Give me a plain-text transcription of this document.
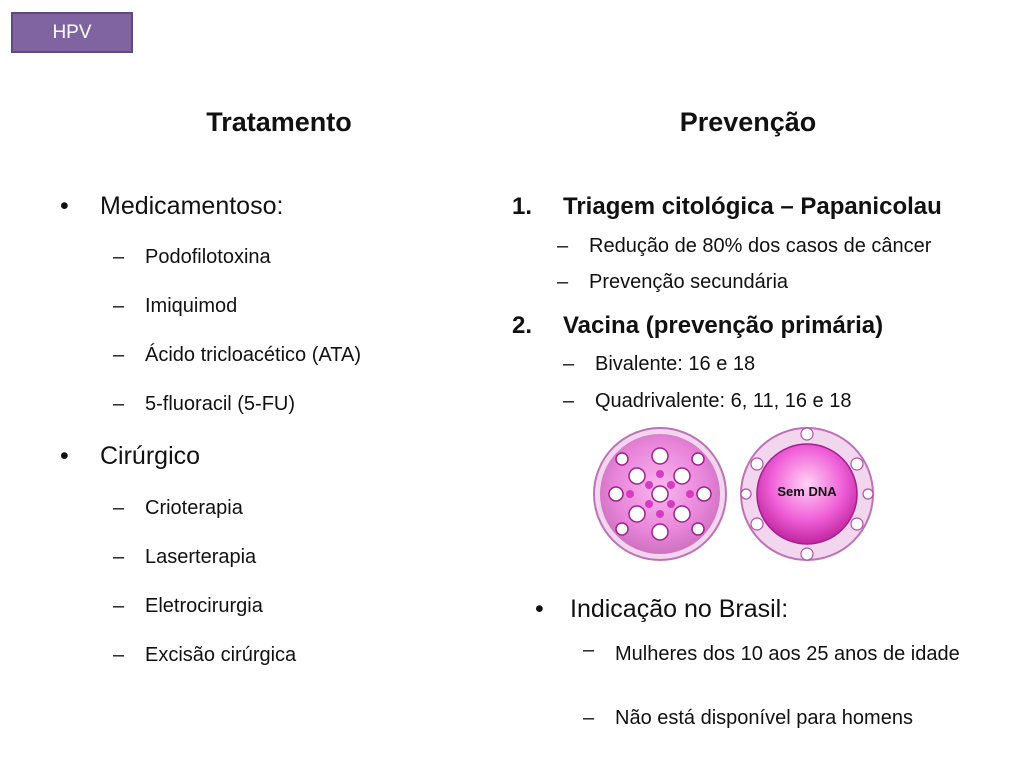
HPV
Tratamento	Prevenção
• Medicamentoso:
– Podofilotoxina
– Imiquimod
– Ácido tricloacético (ATA)
– 5-fluoracil (5-FU)
• Cirúrgico
– Crioterapia
– Laserterapia
– Eletrocirurgia
– Excisão cirúrgica
1. Triagem citológica – Papanicolau
– Redução de 80% dos casos de câncer
– Prevenção secundária
2. Vacina (prevenção primária)
– Bivalente: 16 e 18
– Quadrivalente: 6, 11, 16 e 18
Sem DNA
• Indicação no Brasil:
– Mulheres dos 10 aos 25 anos de idade
– Não está disponível para homens
